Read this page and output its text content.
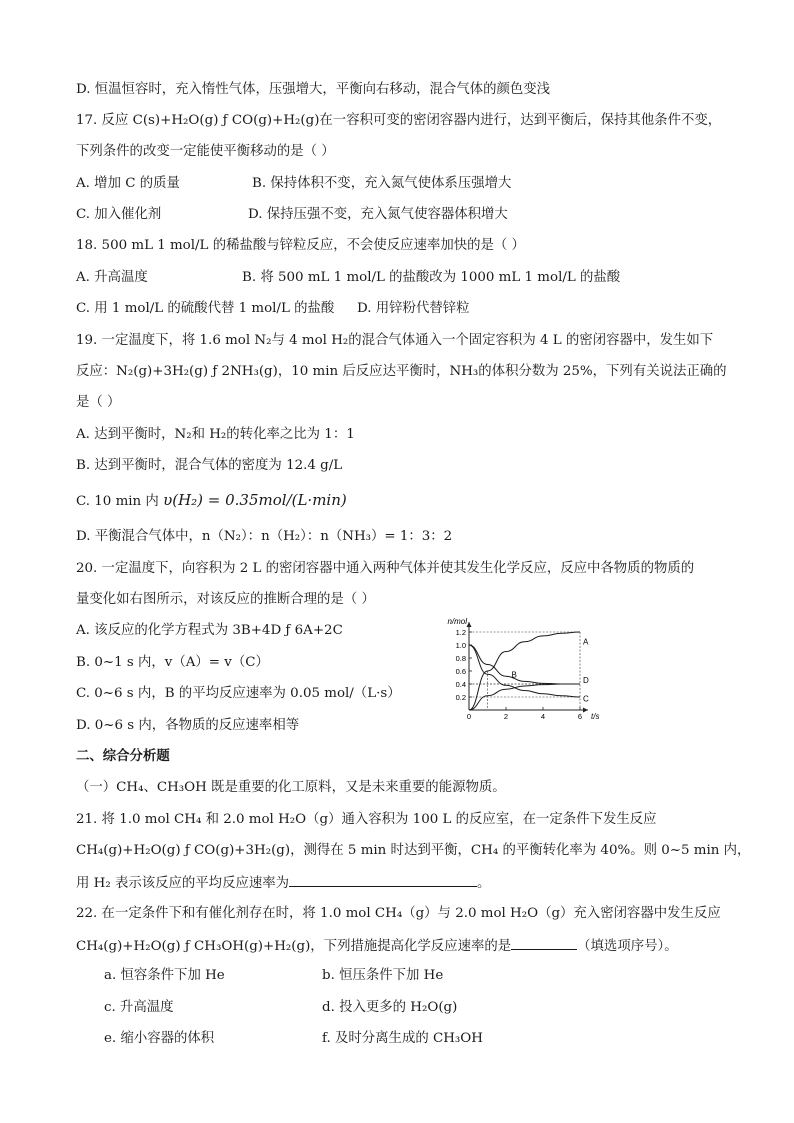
D. 恒温恒容时，充入惰性气体，压强增大，平衡向右移动，混合气体的颜色变浅
17. 反应 C(s)+H₂O(g) ƒ CO(g)+H₂(g)在一容积可变的密闭容器内进行，达到平衡后，保持其他条件不变，
下列条件的改变一定能使平衡移动的是（ ）
A. 增加 C 的质量	B. 保持体积不变，充入氮气使体系压强增大
C. 加入催化剂	D. 保持压强不变，充入氮气使容器体积增大
18. 500 mL 1 mol/L 的稀盐酸与锌粒反应，不会使反应速率加快的是（ ）
A. 升高温度	B. 将 500 mL 1 mol/L 的盐酸改为 1000 mL 1 mol/L 的盐酸
C. 用 1 mol/L 的硫酸代替 1 mol/L 的盐酸 D. 用锌粉代替锌粒
19. 一定温度下，将 1.6 mol N₂与 4 mol H₂的混合气体通入一个固定容积为 4 L 的密闭容器中，发生如下
反应：N₂(g)+3H₂(g) ƒ 2NH₃(g)，10 min 后反应达平衡时，NH₃的体积分数为 25%，下列有关说法正确的
是（ ）
A. 达到平衡时，N₂和 H₂的转化率之比为 1：1
B. 达到平衡时，混合气体的密度为 12.4 g/L
C. 10 min 内 υ(H₂) = 0.35mol/(L·min)
D. 平衡混合气体中，n（N₂）：n（H₂）：n（NH₃）= 1：3：2
20. 一定温度下，向容积为 2 L 的密闭容器中通入两种气体并使其发生化学反应，反应中各物质的物质的
量变化如右图所示，对该反应的推断合理的是（ ）
A. 该反应的化学方程式为 3B+4D ƒ 6A+2C
B. 0~1 s 内，v（A）= v（C）
C. 0~6 s 内，B 的平均反应速率为 0.05 mol/（L·s）
D. 0~6 s 内，各物质的反应速率相等
二、综合分析题
（一）CH₄、CH₃OH 既是重要的化工原料，又是未来重要的能源物质。
21. 将 1.0 mol CH₄ 和 2.0 mol H₂O（g）通入容积为 100 L 的反应室，在一定条件下发生反应
CH₄(g)+H₂O(g) ƒ CO(g)+3H₂(g)，测得在 5 min 时达到平衡，CH₄ 的平衡转化率为 40%。则 0~5 min 内，
用 H₂ 表示该反应的平均反应速率为	。
22. 在一定条件下和有催化剂存在时，将 1.0 mol CH₄（g）与 2.0 mol H₂O（g）充入密闭容器中发生反应
CH₄(g)+H₂O(g) ƒ CH₃OH(g)+H₂(g)，下列措施提高化学反应速率的是	（填选项序号）。
a. 恒容条件下加 He	b. 恒压条件下加 He
c. 升高温度	d. 投入更多的 H₂O(g)
e. 缩小容器的体积	f. 及时分离生成的 CH₃OH
n/mol
t/s
0.2
0.4
0.6
0.8
1.0
1.2
0	2	4	6
A
B
C
D
